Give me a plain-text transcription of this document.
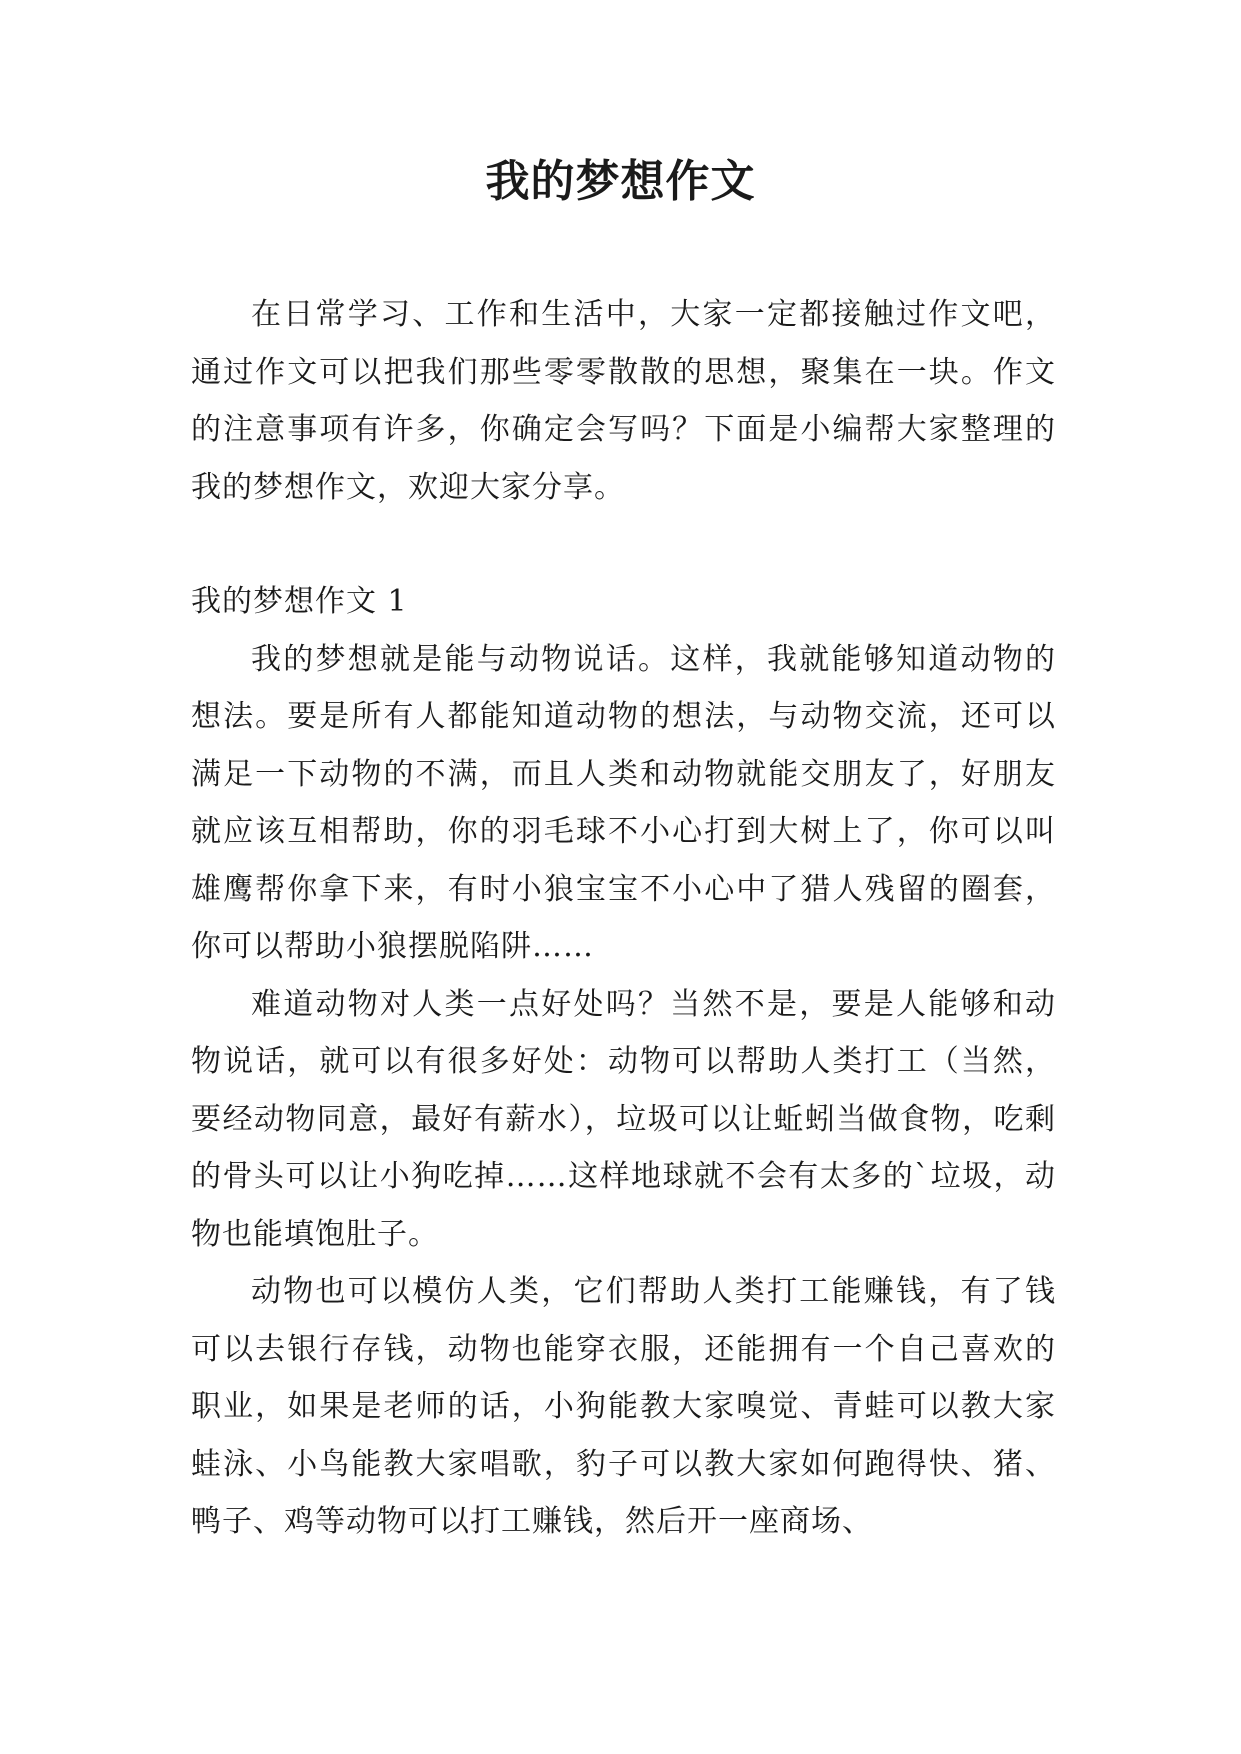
我的梦想作文

在日常学习、工作和生活中，大家一定都接触过作文吧，通过作文可以把我们那些零零散散的思想，聚集在一块。作文的注意事项有许多，你确定会写吗？下面是小编帮大家整理的我的梦想作文，欢迎大家分享。

我的梦想作文 1

我的梦想就是能与动物说话。这样，我就能够知道动物的想法。要是所有人都能知道动物的想法，与动物交流，还可以满足一下动物的不满，而且人类和动物就能交朋友了，好朋友就应该互相帮助，你的羽毛球不小心打到大树上了，你可以叫雄鹰帮你拿下来，有时小狼宝宝不小心中了猎人残留的圈套，你可以帮助小狼摆脱陷阱……

难道动物对人类一点好处吗？当然不是，要是人能够和动物说话，就可以有很多好处：动物可以帮助人类打工（当然，要经动物同意，最好有薪水），垃圾可以让蚯蚓当做食物，吃剩的骨头可以让小狗吃掉……这样地球就不会有太多的`垃圾，动物也能填饱肚子。

动物也可以模仿人类，它们帮助人类打工能赚钱，有了钱可以去银行存钱，动物也能穿衣服，还能拥有一个自己喜欢的职业，如果是老师的话，小狗能教大家嗅觉、青蛙可以教大家蛙泳、小鸟能教大家唱歌，豹子可以教大家如何跑得快、猪、鸭子、鸡等动物可以打工赚钱，然后开一座商场、
